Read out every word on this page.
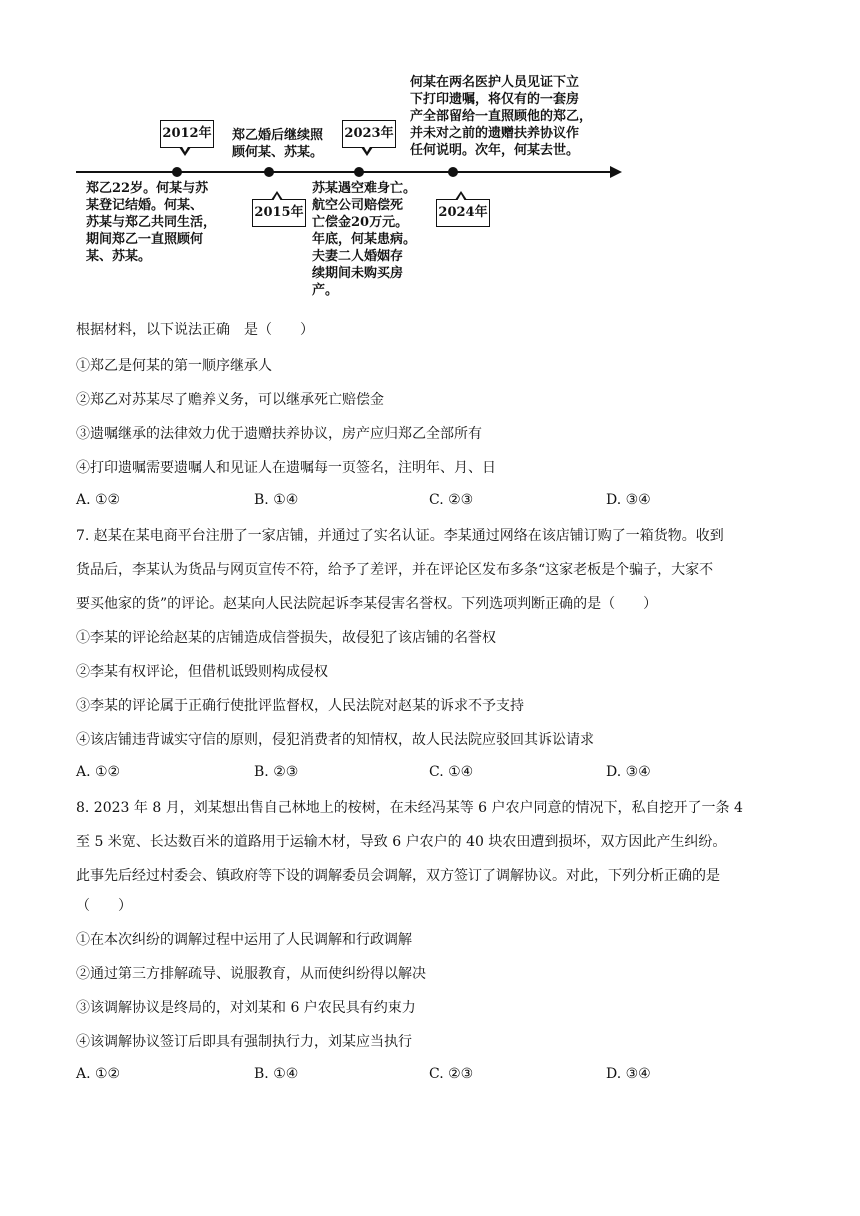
2012年
2015年
2023年
2024年
郑乙22岁。何某与苏
某登记结婚。何某、
苏某与郑乙共同生活，
期间郑乙一直照顾何
某、苏某。
郑乙婚后继续照
顾何某、苏某。
苏某遇空难身亡。
航空公司赔偿死
亡偿金20万元。
年底，何某患病。
夫妻二人婚姻存
续期间未购买房
产。
何某在两名医护人员见证下立
下打印遗嘱，将仅有的一套房
产全部留给一直照顾他的郑乙，
并未对之前的遗赠扶养协议作
任何说明。次年，何某去世。
根据材料，以下说法正确　是（　　）
①郑乙是何某的第一顺序继承人
②郑乙对苏某尽了赡养义务，可以继承死亡赔偿金
③遗嘱继承的法律效力优于遗赠扶养协议，房产应归郑乙全部所有
④打印遗嘱需要遗嘱人和见证人在遗嘱每一页签名，注明年、月、日
A. ①②	B. ①④	C. ②③	D. ③④
7. 赵某在某电商平台注册了一家店铺，并通过了实名认证。李某通过网络在该店铺订购了一箱货物。收到
货品后，李某认为货品与网页宣传不符，给予了差评，并在评论区发布多条“这家老板是个骗子，大家不
要买他家的货”的评论。赵某向人民法院起诉李某侵害名誉权。下列选项判断正确的是（　　）
①李某的评论给赵某的店铺造成信誉损失，故侵犯了该店铺的名誉权
②李某有权评论，但借机诋毁则构成侵权
③李某的评论属于正确行使批评监督权，人民法院对赵某的诉求不予支持
④该店铺违背诚实守信的原则，侵犯消费者的知情权，故人民法院应驳回其诉讼请求
A. ①②	B. ②③	C. ①④	D. ③④
8. 2023 年 8 月，刘某想出售自己林地上的桉树，在未经冯某等 6 户农户同意的情况下，私自挖开了一条 4
至 5 米宽、长达数百米的道路用于运输木材，导致 6 户农户的 40 块农田遭到损坏，双方因此产生纠纷。
此事先后经过村委会、镇政府等下设的调解委员会调解，双方签订了调解协议。对此，下列分析正确的是
（　　）
①在本次纠纷的调解过程中运用了人民调解和行政调解
②通过第三方排解疏导、说服教育，从而使纠纷得以解决
③该调解协议是终局的，对刘某和 6 户农民具有约束力
④该调解协议签订后即具有强制执行力，刘某应当执行
A. ①②	B. ①④	C. ②③	D. ③④
